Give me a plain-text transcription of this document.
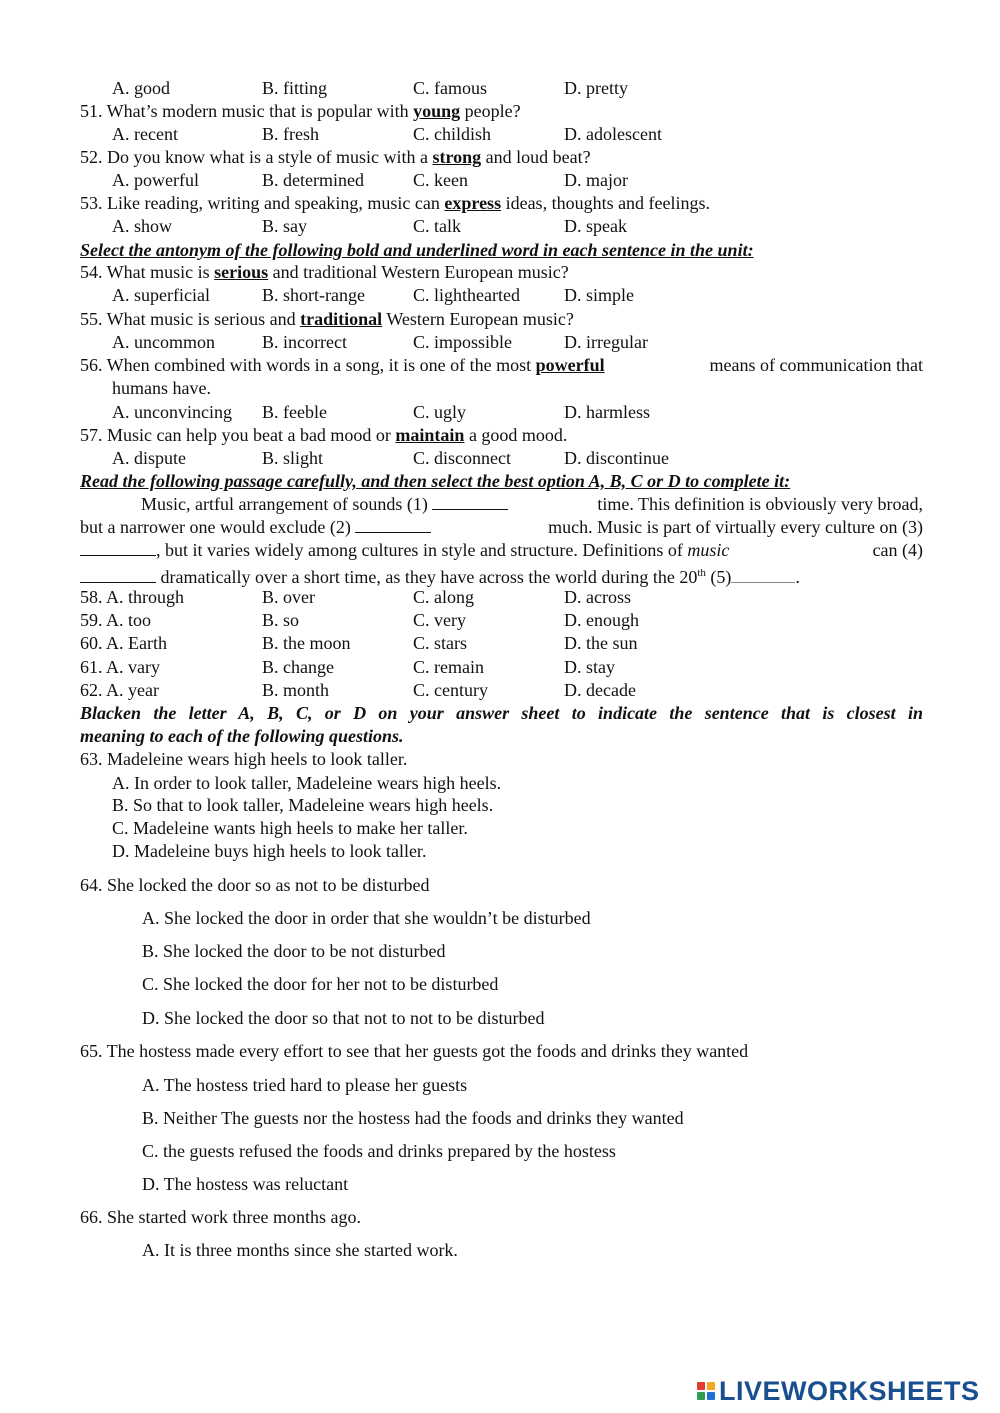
A. good	B. fitting	C. famous	D. pretty
51. What’s modern music that is popular with young people?
A. recent	B. fresh	C. childish	D. adolescent
52. Do you know what is a style of music with a strong and loud beat?
A. powerful	B. determined	C. keen	D. major
53. Like reading, writing and speaking, music can express ideas, thoughts and feelings.
A. show	B. say	C. talk	D. speak
Select the antonym of the following bold and underlined word in each sentence in the unit:
54. What music is serious and traditional Western European music?
A. superficial	B. short-range	C. lighthearted D. simple
55. What music is serious and traditional Western European music?
A. uncommon	B. incorrect	C. impossible	D. irregular
56. When combined with words in a song, it is one of the most powerful	means of communication that
humans have.
A. unconvincing B. feeble	C. ugly	D. harmless
57. Music can help you beat a bad mood or maintain a good mood.
A. dispute	B. slight	C. disconnect	D. discontinue
Read the following passage carefully, and then select the best option A, B, C or D to complete it:
Music, artful arrangement of sounds (1)	time. This definition is obviously very broad,
but a narrower one would exclude (2)	much. Music is part of virtually every culture on (3)
, but it varies widely among cultures in style and structure. Definitions of music	can (4)
dramatically over a short time, as they have across the world during the 20th (5)	.
58. A. through	B. over	C. along	D. across
59. A. too	B. so	C. very	D. enough
60. A. Earth	B. the moon	C. stars	D. the sun
61. A. vary	B. change	C. remain	D. stay
62. A. year	B. month	C. century	D. decade
Blacken the letter A, B, C, or D on your answer sheet to indicate the sentence that is closest in
meaning to each of the following questions.
63. Madeleine wears high heels to look taller.
A. In order to look taller, Madeleine wears high heels.
B. So that to look taller, Madeleine wears high heels.
C. Madeleine wants high heels to make her taller.
D. Madeleine buys high heels to look taller.
64. She locked the door so as not to be disturbed
A. She locked the door in order that she wouldn’t be disturbed
B. She locked the door to be not disturbed
C. She locked the door for her not to be disturbed
D. She locked the door so that not to not to be disturbed
65. The hostess made every effort to see that her guests got the foods and drinks they wanted
A. The hostess tried hard to please her guests
B. Neither The guests nor the hostess had the foods and drinks they wanted
C. the guests refused the foods and drinks prepared by the hostess
D. The hostess was reluctant
66. She started work three months ago.
A. It is three months since she started work.
LIVEWORKSHEETS
